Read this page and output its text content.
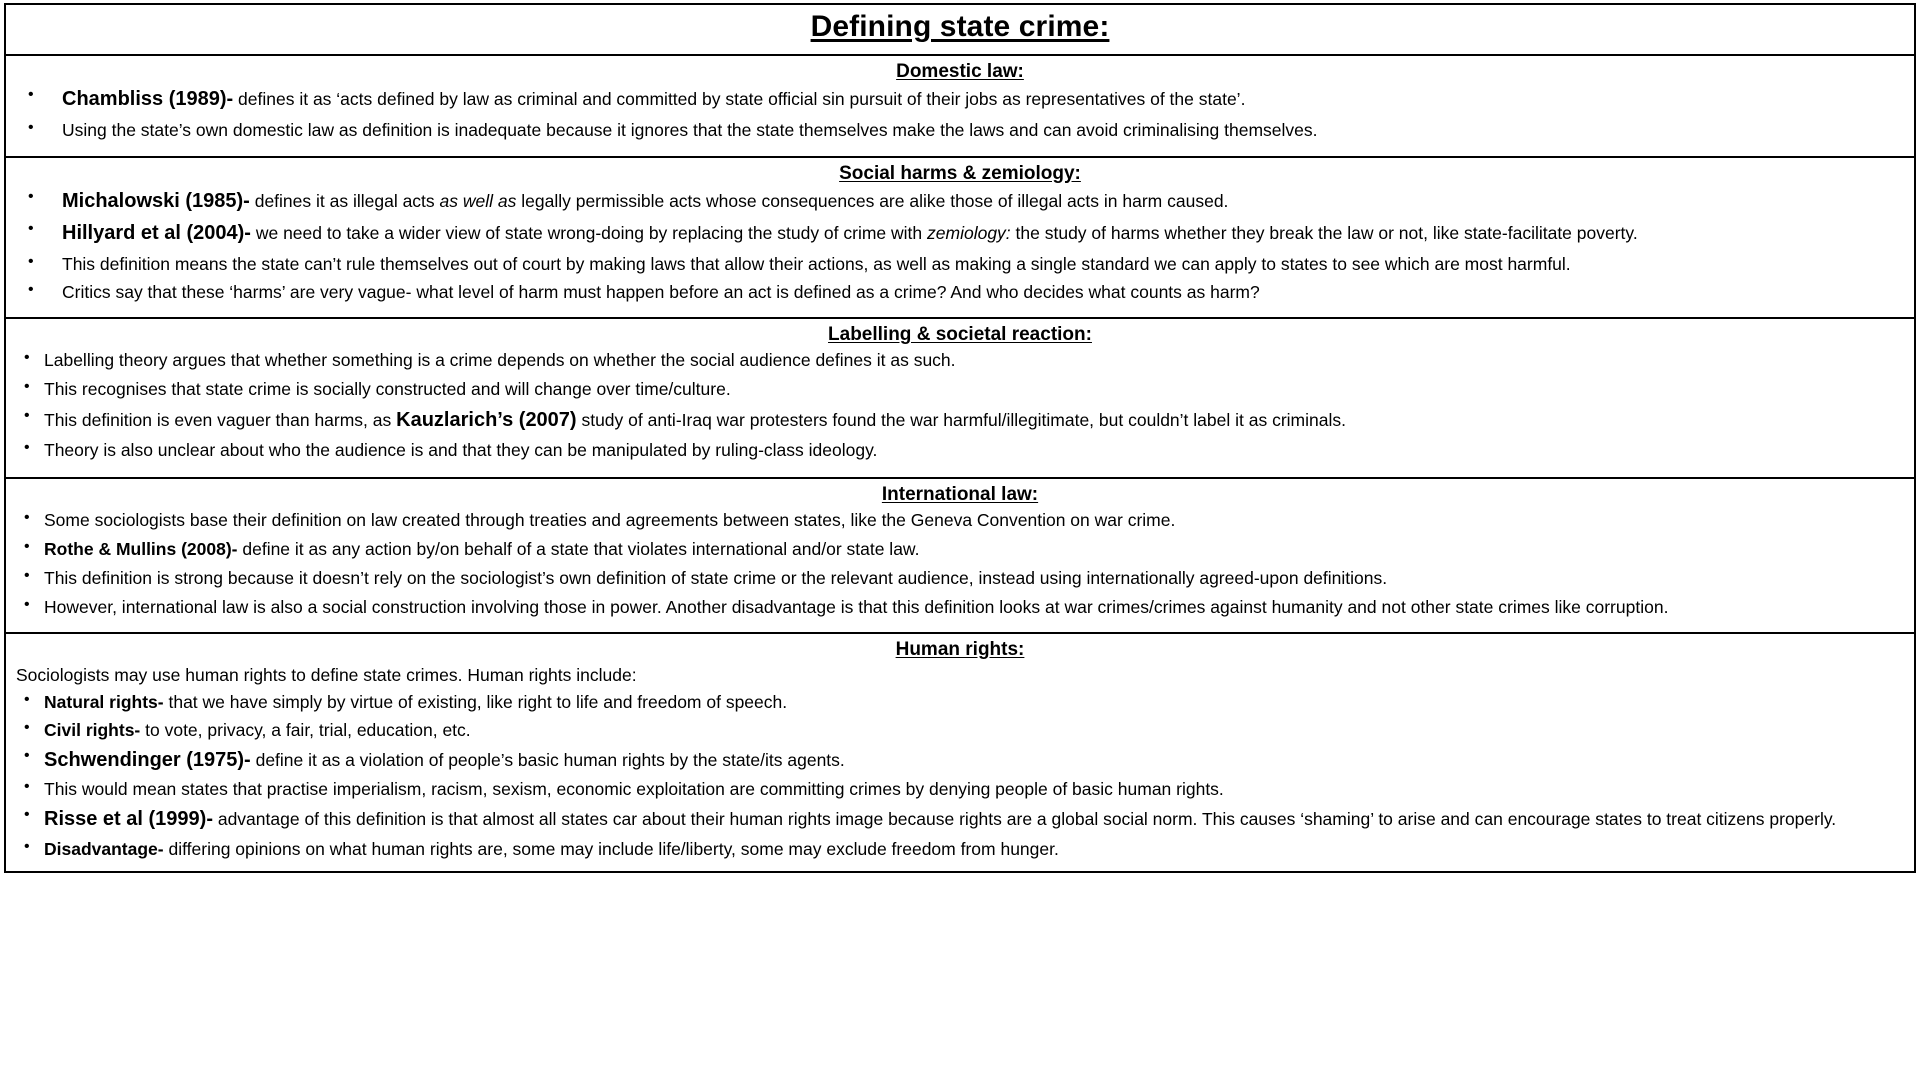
Defining state crime:
Domestic law:
• Chambliss (1989)- defines it as ‘acts defined by law as criminal and committed by state official sin pursuit of their jobs as representatives of the state’.
• Using the state’s own domestic law as definition is inadequate because it ignores that the state themselves make the laws and can avoid criminalising themselves.
Social harms & zemiology:
• Michalowski (1985)- defines it as illegal acts as well as legally permissible acts whose consequences are alike those of illegal acts in harm caused.
• Hillyard et al (2004)- we need to take a wider view of state wrong-doing by replacing the study of crime with zemiology: the study of harms whether they break the law or not, like state-facilitate poverty.
• This definition means the state can’t rule themselves out of court by making laws that allow their actions, as well as making a single standard we can apply to states to see which are most harmful.
• Critics say that these ‘harms’ are very vague- what level of harm must happen before an act is defined as a crime? And who decides what counts as harm?
Labelling & societal reaction:
• Labelling theory argues that whether something is a crime depends on whether the social audience defines it as such.
• This recognises that state crime is socially constructed and will change over time/culture.
• This definition is even vaguer than harms, as Kauzlarich’s (2007) study of anti-Iraq war protesters found the war harmful/illegitimate, but couldn’t label it as criminals.
• Theory is also unclear about who the audience is and that they can be manipulated by ruling-class ideology.
International law:
• Some sociologists base their definition on law created through treaties and agreements between states, like the Geneva Convention on war crime.
• Rothe & Mullins (2008)- define it as any action by/on behalf of a state that violates international and/or state law.
• This definition is strong because it doesn’t rely on the sociologist’s own definition of state crime or the relevant audience, instead using internationally agreed-upon definitions.
• However, international law is also a social construction involving those in power. Another disadvantage is that this definition looks at war crimes/crimes against humanity and not other state crimes like corruption.
Human rights:

Sociologists may use human rights to define state crimes. Human rights include:

• Natural rights- that we have simply by virtue of existing, like right to life and freedom of speech.
• Civil rights- to vote, privacy, a fair, trial, education, etc.
• Schwendinger (1975)- define it as a violation of people’s basic human rights by the state/its agents.
• This would mean states that practise imperialism, racism, sexism, economic exploitation are committing crimes by denying people of basic human rights.
• Risse et al (1999)- advantage of this definition is that almost all states car about their human rights image because rights are a global social norm. This causes ‘shaming’ to arise and can encourage states to treat citizens properly.
• Disadvantage- differing opinions on what human rights are, some may include life/liberty, some may exclude freedom from hunger.
